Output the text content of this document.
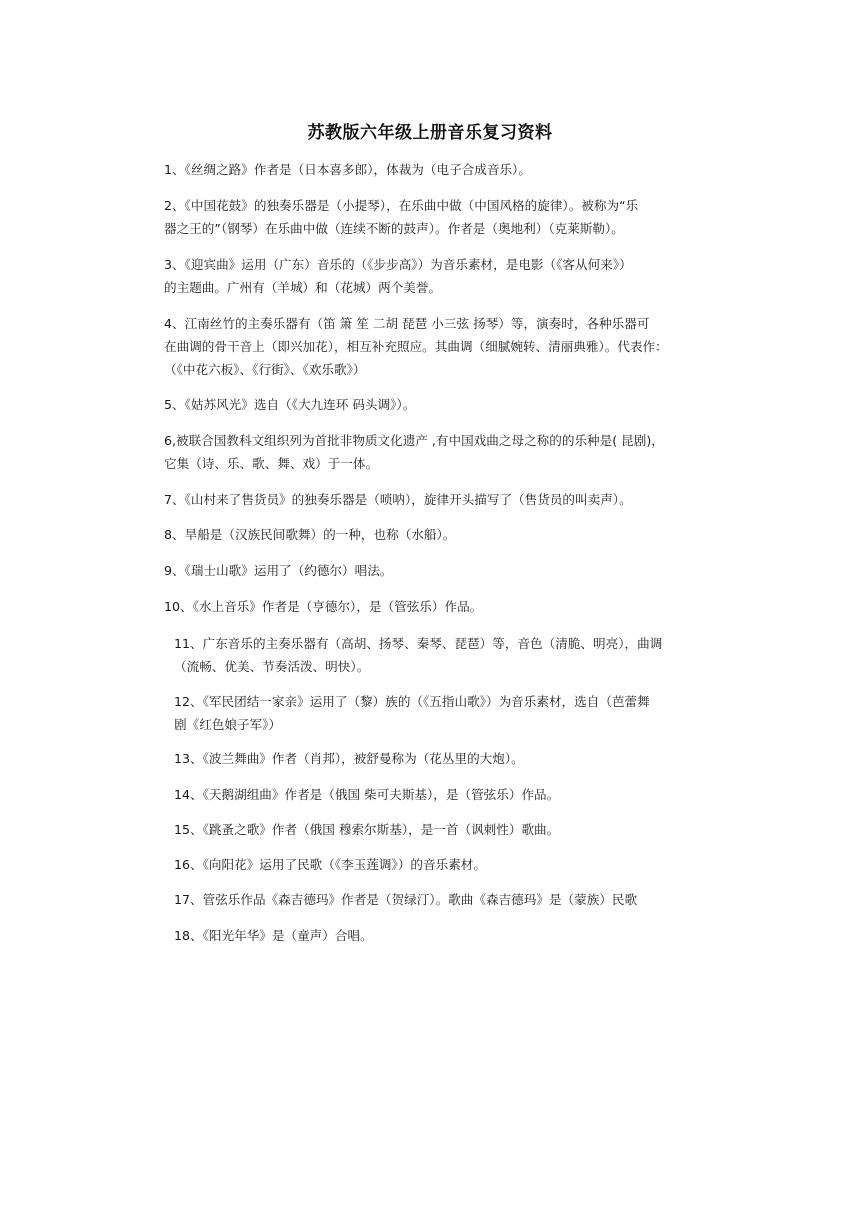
苏教版六年级上册音乐复习资料

1、《丝绸之路》作者是（日本喜多郎），体裁为（电子合成音乐）。

2、《中国花鼓》的独奏乐器是（小提琴），在乐曲中做（中国风格的旋律）。被称为“乐
器之王的”（钢琴）在乐曲中做（连续不断的鼓声）。作者是（奥地利）（克莱斯勒）。

3、《迎宾曲》运用（广东）音乐的（《步步高》）为音乐素材，是电影（《客从何来》）
的主题曲。广州有（羊城）和（花城）两个美誉。

4、江南丝竹的主奏乐器有（笛 箫 笙 二胡 琵琶 小三弦 扬琴）等，演奏时，各种乐器可
在曲调的骨干音上（即兴加花），相互补充照应。其曲调（细腻婉转、清丽典雅）。代表作：
（《中花六板》、《行街》、《欢乐歌》）

5、《姑苏风光》选自（《大九连环 码头调》）。

6,被联合国教科文组织列为首批非物质文化遗产 ,有中国戏曲之母之称的的乐种是( 昆剧)，
它集（诗、乐、歌、舞、戏）于一体。

7、《山村来了售货员》的独奏乐器是（唢呐），旋律开头描写了（售货员的叫卖声）。

8、旱船是（汉族民间歌舞）的一种，也称（水船）。

9、《瑞士山歌》运用了（约德尔）唱法。

10、《水上音乐》作者是（亨德尔），是（管弦乐）作品。

11、广东音乐的主奏乐器有（高胡、扬琴、秦琴、琵琶）等，音色（清脆、明亮），曲调
（流畅、优美、节奏活泼、明快）。

12、《军民团结一家亲》运用了（黎）族的（《五指山歌》）为音乐素材，选自（芭蕾舞
剧《红色娘子军》）

13、《波兰舞曲》作者（肖邦），被舒曼称为（花丛里的大炮）。

14、《天鹅湖组曲》作者是（俄国 柴可夫斯基），是（管弦乐）作品。

15、《跳蚤之歌》作者（俄国 穆索尔斯基），是一首（讽刺性）歌曲。

16、《向阳花》运用了民歌（《李玉莲调》）的音乐素材。

17、管弦乐作品《森吉德玛》作者是（贺绿汀）。歌曲《森吉德玛》是（蒙族）民歌

18、《阳光年华》是（童声）合唱。
